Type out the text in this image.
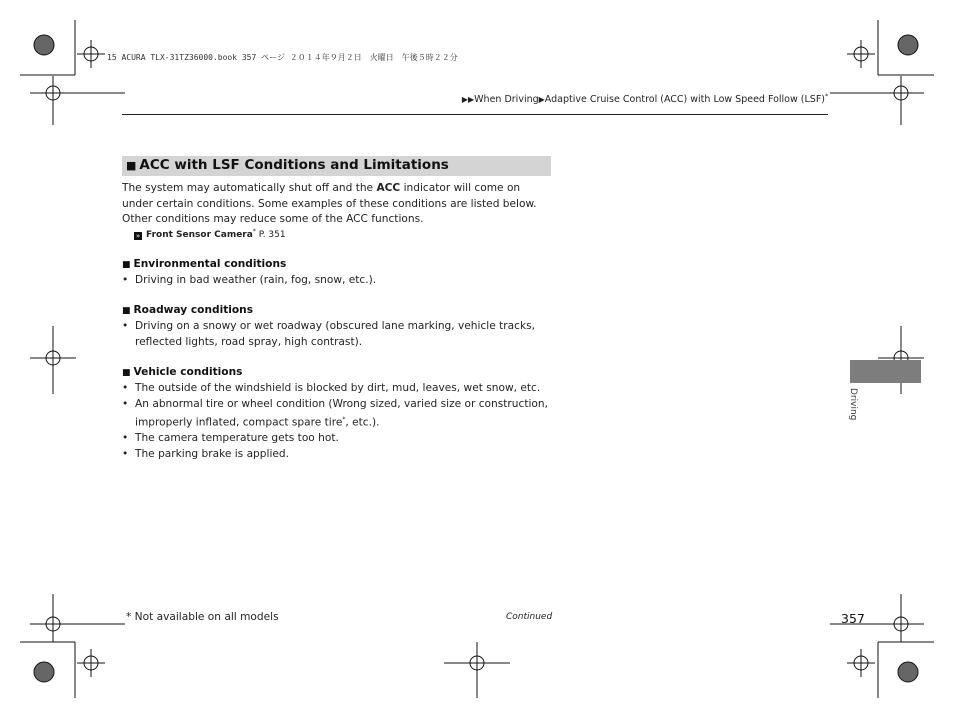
15 ACURA TLX-31TZ36000.book 357 ページ ２０１４年９月２日　火曜日　午後５時２２分
▶▶When Driving▶Adaptive Cruise Control (ACC) with Low Speed Follow (LSF)*
■ ACC with LSF Conditions and Limitations
The system may automatically shut off and the ACC indicator will come on under certain conditions. Some examples of these conditions are listed below. Other conditions may reduce some of the ACC functions.
» Front Sensor Camera* P. 351
■ Environmental conditions
• Driving in bad weather (rain, fog, snow, etc.).
■ Roadway conditions
• Driving on a snowy or wet roadway (obscured lane marking, vehicle tracks, reflected lights, road spray, high contrast).
■ Vehicle conditions
• The outside of the windshield is blocked by dirt, mud, leaves, wet snow, etc.
• An abnormal tire or wheel condition (Wrong sized, varied size or construction, improperly inflated, compact spare tire*, etc.).
• The camera temperature gets too hot.
• The parking brake is applied.
Driving
* Not available on all models	Continued	357
